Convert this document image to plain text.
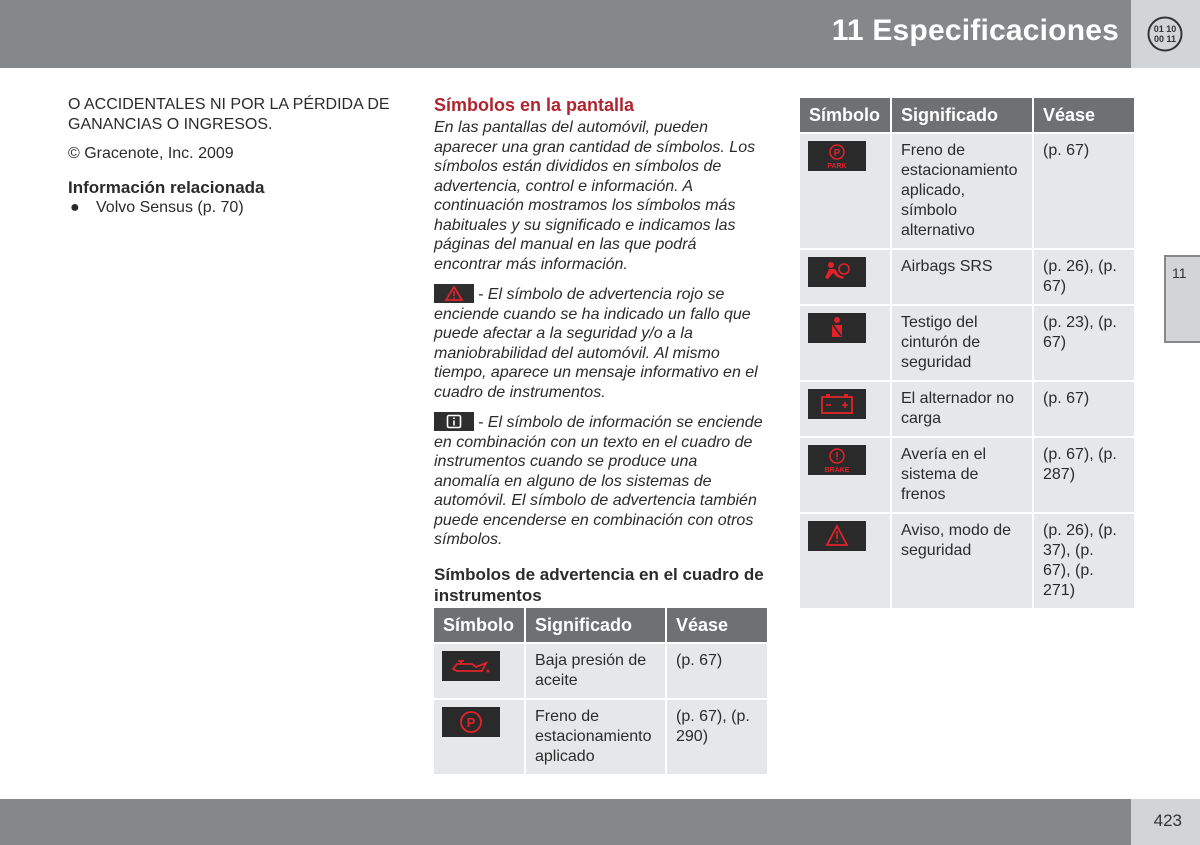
11 Especificaciones	01 10
00 11
11

O ACCIDENTALES NI POR LA PÉRDIDA DE GANANCIAS O INGRESOS.

© Gracenote, Inc. 2009

Información relacionada

● Volvo Sensus (p. 70)

Símbolos en la pantalla

En las pantallas del automóvil, pueden aparecer una gran cantidad de símbolos. Los símbolos están divididos en símbolos de advertencia, control e información. A continuación mostramos los símbolos más habituales y su significado e indicamos las páginas del manual en las que podrá encontrar más información.

- El símbolo de advertencia rojo se enciende cuando se ha indicado un fallo que puede afectar a la seguridad y/o a la maniobrabilidad del automóvil. Al mismo tiempo, aparece un mensaje informativo en el cuadro de instrumentos.

- El símbolo de información se enciende en combinación con un texto en el cuadro de instrumentos cuando se produce una anomalía en alguno de los sistemas de automóvil. El símbolo de advertencia también puede encenderse en combinación con otros símbolos.

Símbolos de advertencia en el cuadro de instrumentos

Símbolo	Significado	Véase

	Baja presión de aceite	(p. 67)

P	Freno de estacionamiento aplicado	(p. 67), (p. 290)
Símbolo	Significado	Véase

P
PARK	Freno de estacionamiento aplicado, símbolo alternativo	(p. 67)

	Airbags SRS	(p. 26), (p. 67)

	Testigo del cinturón de seguridad	(p. 23), (p. 67)

	El alternador no carga	(p. 67)

BRAKE	Avería en el sistema de frenos	(p. 67), (p. 287)

	Aviso, modo de seguridad	(p. 26), (p. 37), (p. 67), (p. 271)
423
